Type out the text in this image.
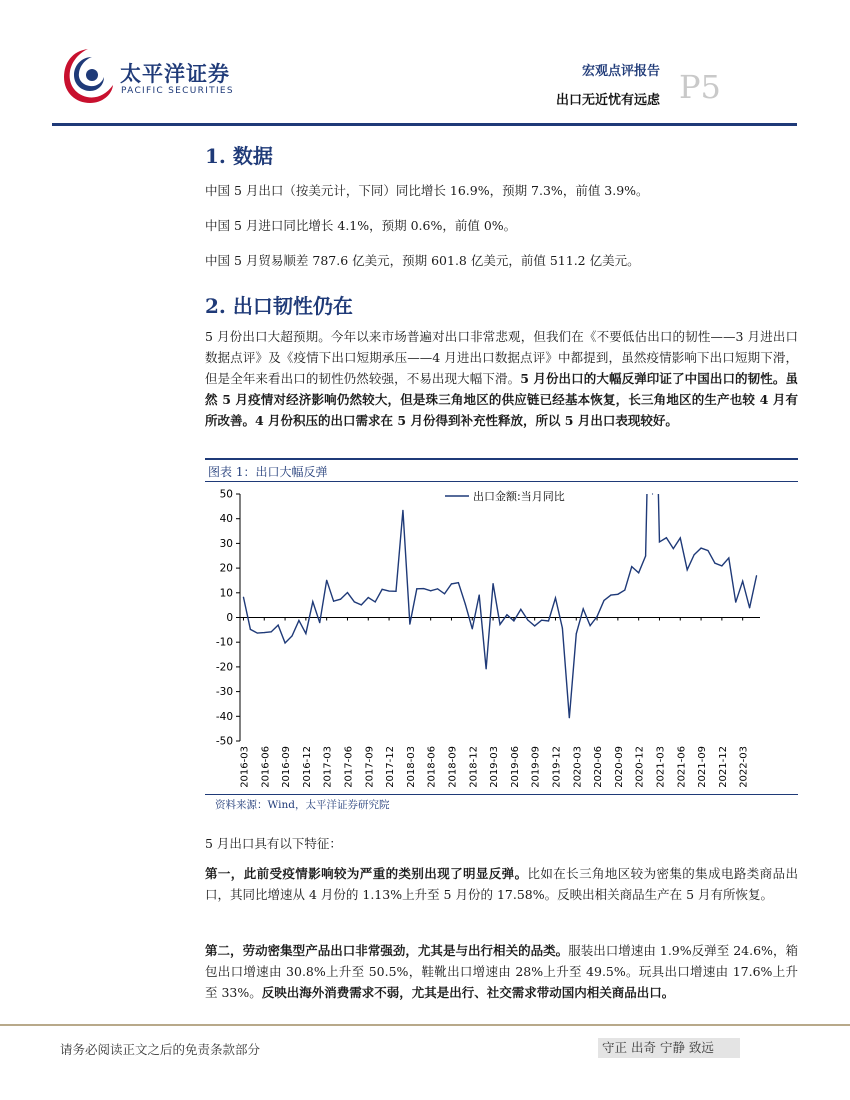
太平洋证券
PACIFIC SECURITIES
宏观点评报告
出口无近忧有远虑 P5
1. 数据
中国 5 月出口（按美元计，下同）同比增长 16.9%，预期 7.3%，前值 3.9%。
中国 5 月进口同比增长 4.1%，预期 0.6%，前值 0%。
中国 5 月贸易顺差 787.6 亿美元，预期 601.8 亿美元，前值 511.2 亿美元。
2. 出口韧性仍在
5 月份出口大超预期。今年以来市场普遍对出口非常悲观，但我们在《不要低估出口的韧性——3 月进出口数据点评》及《疫情下出口短期承压——4 月进出口数据点评》中都提到，虽然疫情影响下出口短期下滑，但是全年来看出口的韧性仍然较强，不易出现大幅下滑。5 月份出口的大幅反弹印证了中国出口的韧性。虽然 5 月疫情对经济影响仍然较大，但是珠三角地区的供应链已经基本恢复，长三角地区的生产也较 4 月有所改善。4 月份积压的出口需求在 5 月份得到补充性释放，所以 5 月出口表现较好。
图表 1：出口大幅反弹
50
40
30
20
10
0
-10
-20
-30
-40
-50
2016-03 2016-06 2016-09 2016-12 2017-03 2017-06 2017-09 2017-12 2018-03 2018-06 2018-09 2018-12 2019-03 2019-06 2019-09 2019-12 2020-03 2020-06 2020-09 2020-12 2021-03 2021-06 2021-09 2021-12 2022-03
出口金额:当月同比
资料来源：Wind，太平洋证券研究院
5 月出口具有以下特征：
第一，此前受疫情影响较为严重的类别出现了明显反弹。比如在长三角地区较为密集的集成电路类商品出口，其同比增速从 4 月份的 1.13%上升至 5 月份的 17.58%。反映出相关商品生产在 5 月有所恢复。
第二，劳动密集型产品出口非常强劲，尤其是与出行相关的品类。服装出口增速由 1.9%反弹至 24.6%，箱包出口增速由 30.8%上升至 50.5%，鞋靴出口增速由 28%上升至 49.5%。玩具出口增速由 17.6%上升至 33%。反映出海外消费需求不弱，尤其是出行、社交需求带动国内相关商品出口。
请务必阅读正文之后的免责条款部分	守正 出奇 宁静 致远
